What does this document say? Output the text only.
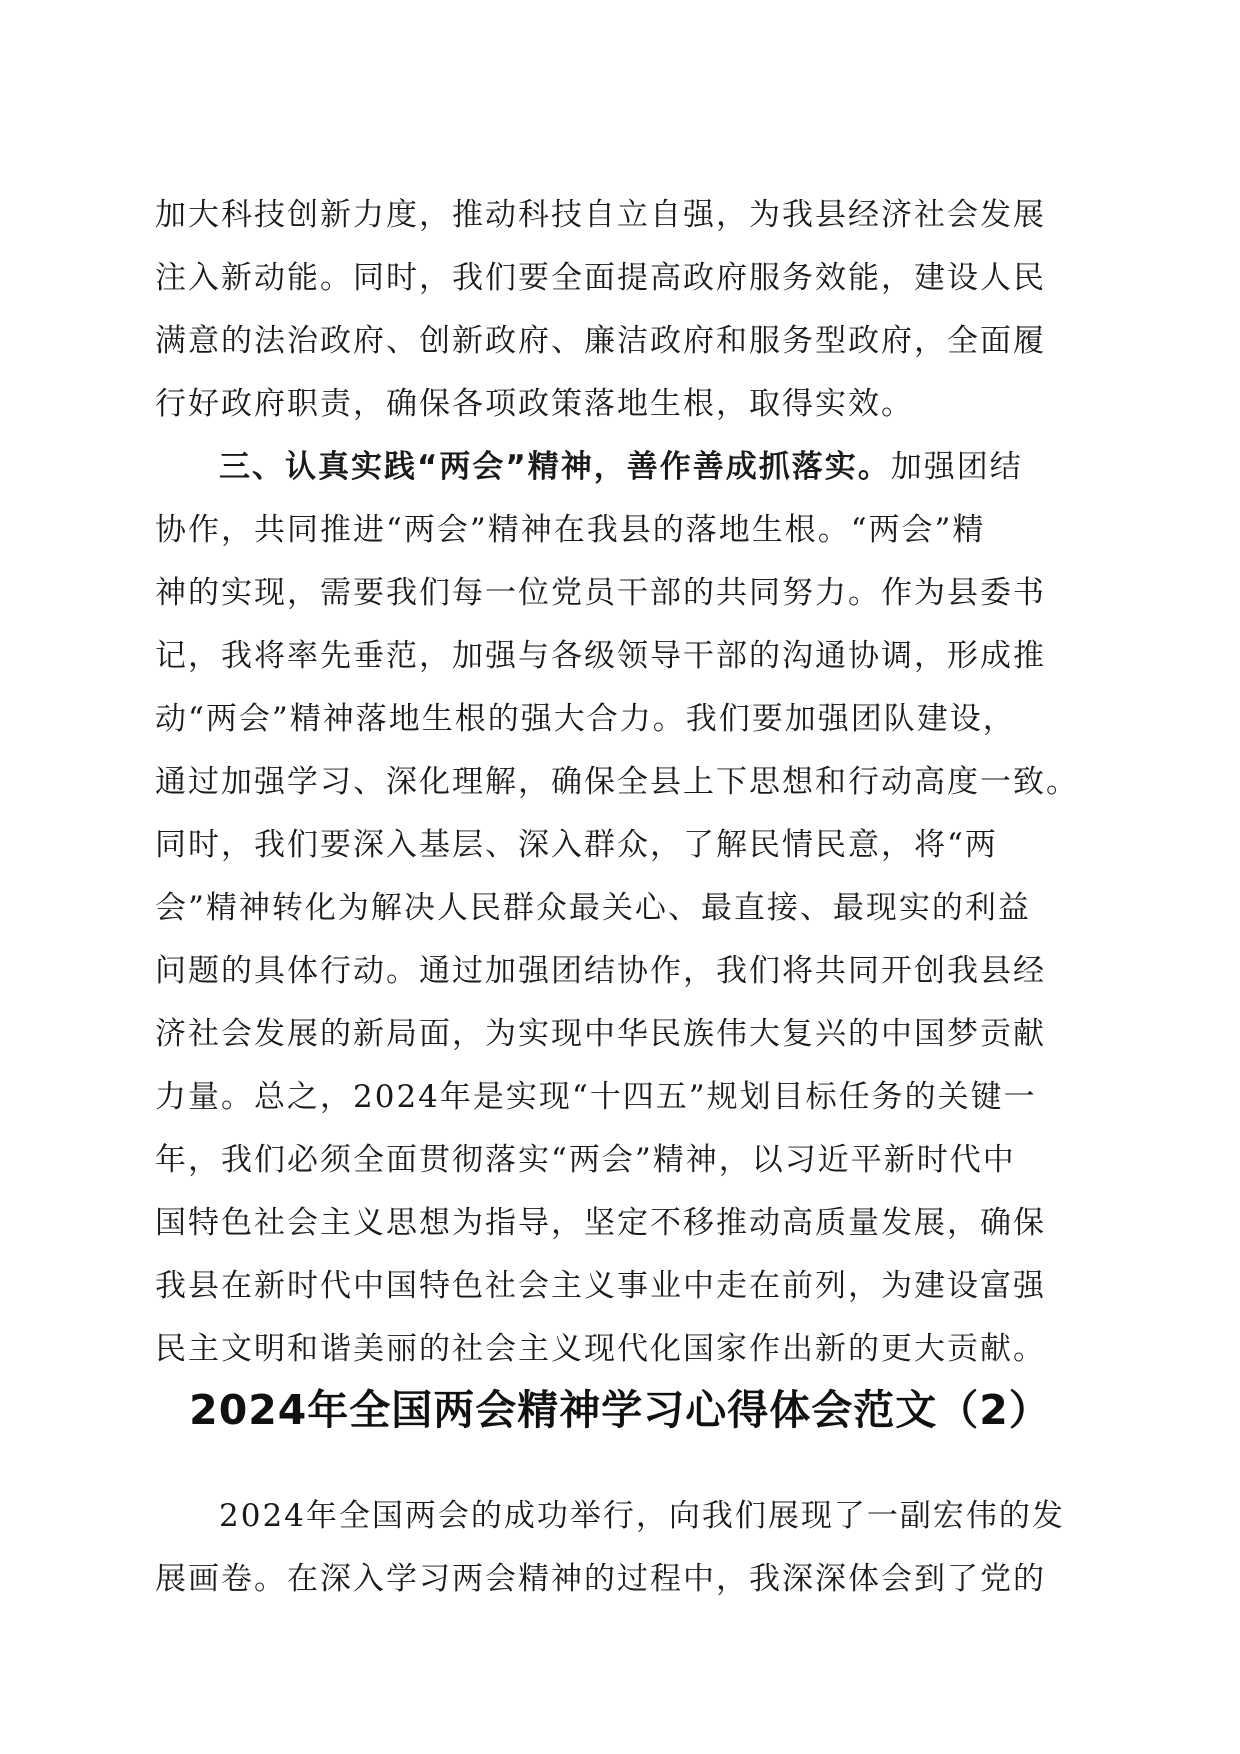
加大科技创新力度，推动科技自立自强，为我县经济社会发展
注入新动能。同时，我们要全面提高政府服务效能，建设人民
满意的法治政府、创新政府、廉洁政府和服务型政府，全面履
行好政府职责，确保各项政策落地生根，取得实效。
三、认真实践“两会”精神，善作善成抓落实。加强团结
协作，共同推进“两会”精神在我县的落地生根。“两会”精
神的实现，需要我们每一位党员干部的共同努力。作为县委书
记，我将率先垂范，加强与各级领导干部的沟通协调，形成推
动“两会”精神落地生根的强大合力。我们要加强团队建设，
通过加强学习、深化理解，确保全县上下思想和行动高度一致。
同时，我们要深入基层、深入群众，了解民情民意，将“两
会”精神转化为解决人民群众最关心、最直接、最现实的利益
问题的具体行动。通过加强团结协作，我们将共同开创我县经
济社会发展的新局面，为实现中华民族伟大复兴的中国梦贡献
力量。总之，2024年是实现“十四五”规划目标任务的关键一
年，我们必须全面贯彻落实“两会”精神，以习近平新时代中
国特色社会主义思想为指导，坚定不移推动高质量发展，确保
我县在新时代中国特色社会主义事业中走在前列，为建设富强
民主文明和谐美丽的社会主义现代化国家作出新的更大贡献。
2024年全国两会精神学习心得体会范文（2）
2024年全国两会的成功举行，向我们展现了一副宏伟的发
展画卷。在深入学习两会精神的过程中，我深深体会到了党的
